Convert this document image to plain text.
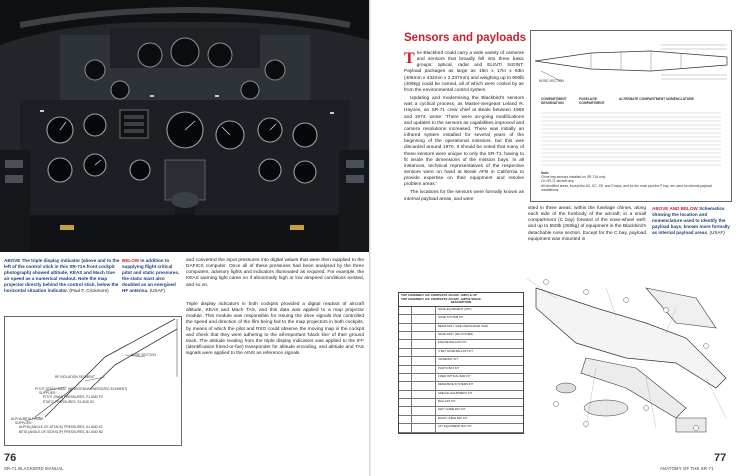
ABOVE The triple display indicator (above and to the left of the control stick in this SR-71A front cockpit photograph) showed altitude, KEAS and Mach true air speed as a numerical readout. Note the map projector directly behind the control stick, below the horizontal situation indicator. (Paul F. Crickmore)
BELOW In addition to supplying flight critical pitot and static pressures, the static mast also doubled as an energised HF antenna. (USAF)
and converted the input pressures into digital values that were then supplied to the DAFICS computer. Once all of these pressures had been analysed by the three computers, advisory lights and indicators illuminated as required. For example, the KEAS warning light came on if abnormally high or low airspeed conditions existed, and so on.
Triple display indicators in both cockpits provided a digital readout of aircraft altitude, KEAS and Mach TAS, and this data was applied to a map projector module. This module was responsible for issuing the drive signals that controlled the speed and direction of the film being fed to the map projectors in both cockpits, by means of which the pilot and RSO could observe the moving map in the cockpit and check that they were adhering to the all-important 'black line' of their ground track. The attitude reading from the triple display indicators was applied to the IFF (identification friend-or-foe) transponder for altitude encoding, and altitude and TAS signals were applied to the AINS as reference signals.
NOSE SECTION
RF ISOLATION SEGMENT
PITOT-STATIC MAST (HF ANTENNA ENERGIZED ELEMENT)
SUPPLIES:
PITOT (RAM) PRESSURES, P1 AND P2
STATIC PRESSURES, S1 AND S2
ALPHA-BETA PROBE
SUPPLIES:
ALPHA (ANGLE-OF-ATTACK) PRESSURES, A1 AND A2
BETA (ANGLE-OF-SIDESLIP) PRESSURES, B1 AND B2
76
SR-71 BLACKBIRD MANUAL
Sensors and payloads
The Blackbird could carry a wide variety of cameras and sensors that broadly fell into three basic groups: optical, radar and ELINT/ SIGINT. Payload packages as large as 16in x 17in x 93in (406mm x 432mm x 2,337mm) and weighing up to 900lb (409kg) could be carried, all of which were cooled by air from the environmental control system.
Updating and modernising the Blackbird's sensors was a cyclical process, as Master-Sergeant Leland R. Haynes, an SR-71 crew chief at Beale between 1969 and 1974, wrote: 'There were on-going modifications and updates to the sensors as capabilities improved and camera resolutions increased. There was initially an infrared system installed for several years of the beginning of the operational missions, but this was discarded around 1970. It should be noted that many of these sensors were unique to only the SR-71, having to fit inside the dimensions of the mission bays. In all instances, technical representatives of the respective sensors were on hand at Beale AFB in California to provide expertise on their equipment and resolve problem areas.'
The locations for the sensors were formally known as internal payload areas, and were
sited in three areas: within the fuselage chines, along each side of the forebody of the aircraft; in a small compartment (C bay) forward of the nose-wheel well; and up to 550lb (250kg) of equipment in the Blackbird's detachable nose section. Except for the C bay, payload equipment was mounted in
ABOVE AND BELOW Schematics showing the location and nomenclature used to identify the payload bays, known more formally as internal payload areas. (USAF)
NOSE SECTION
COMPARTMENT DESIGNATION
FUSELAGE COMPARTMENT
ALTERNATE COMPARTMENT NOMENCLATURE
Note:
Chine bay sensors installed on SR-71A only.
On SR-71 aircraft only.
All identified areas, except the AC, SC, SE, and D bays, and for the most part the P bay, are used for internal payload installations.
TOP ASSEMBLY A/C COMPLETE A01426 - BIPO & UP
TOP ASSEMBLY A/C COMPLETE A01420 - BIPO2 SPAAF
DESCRIPTION
NOSE EQUIPMENT (OPT)
NOSE SYSTEM KIT
BEAM ASSY, SIDE VIEW RADAR (SLR)
NOSE ASSY (SR-SYSTEM)
ENGINE BALLAST KIT
C BAY NOSE BALLAST KIT
CHINE BAY KIT
PHOTO BAY KIT
FIXED OPTICAL BAR KIT
DEFENSIVE SYSTEMS KIT
SPECIAL EQUIPMENT KIT
BALLAST KIT
LEFT CHINE BAY KIT
RIGHT CHINE BAY KIT
AFT EQUIPMENT BAY KIT
77
ANATOMY OF THE SR-71
